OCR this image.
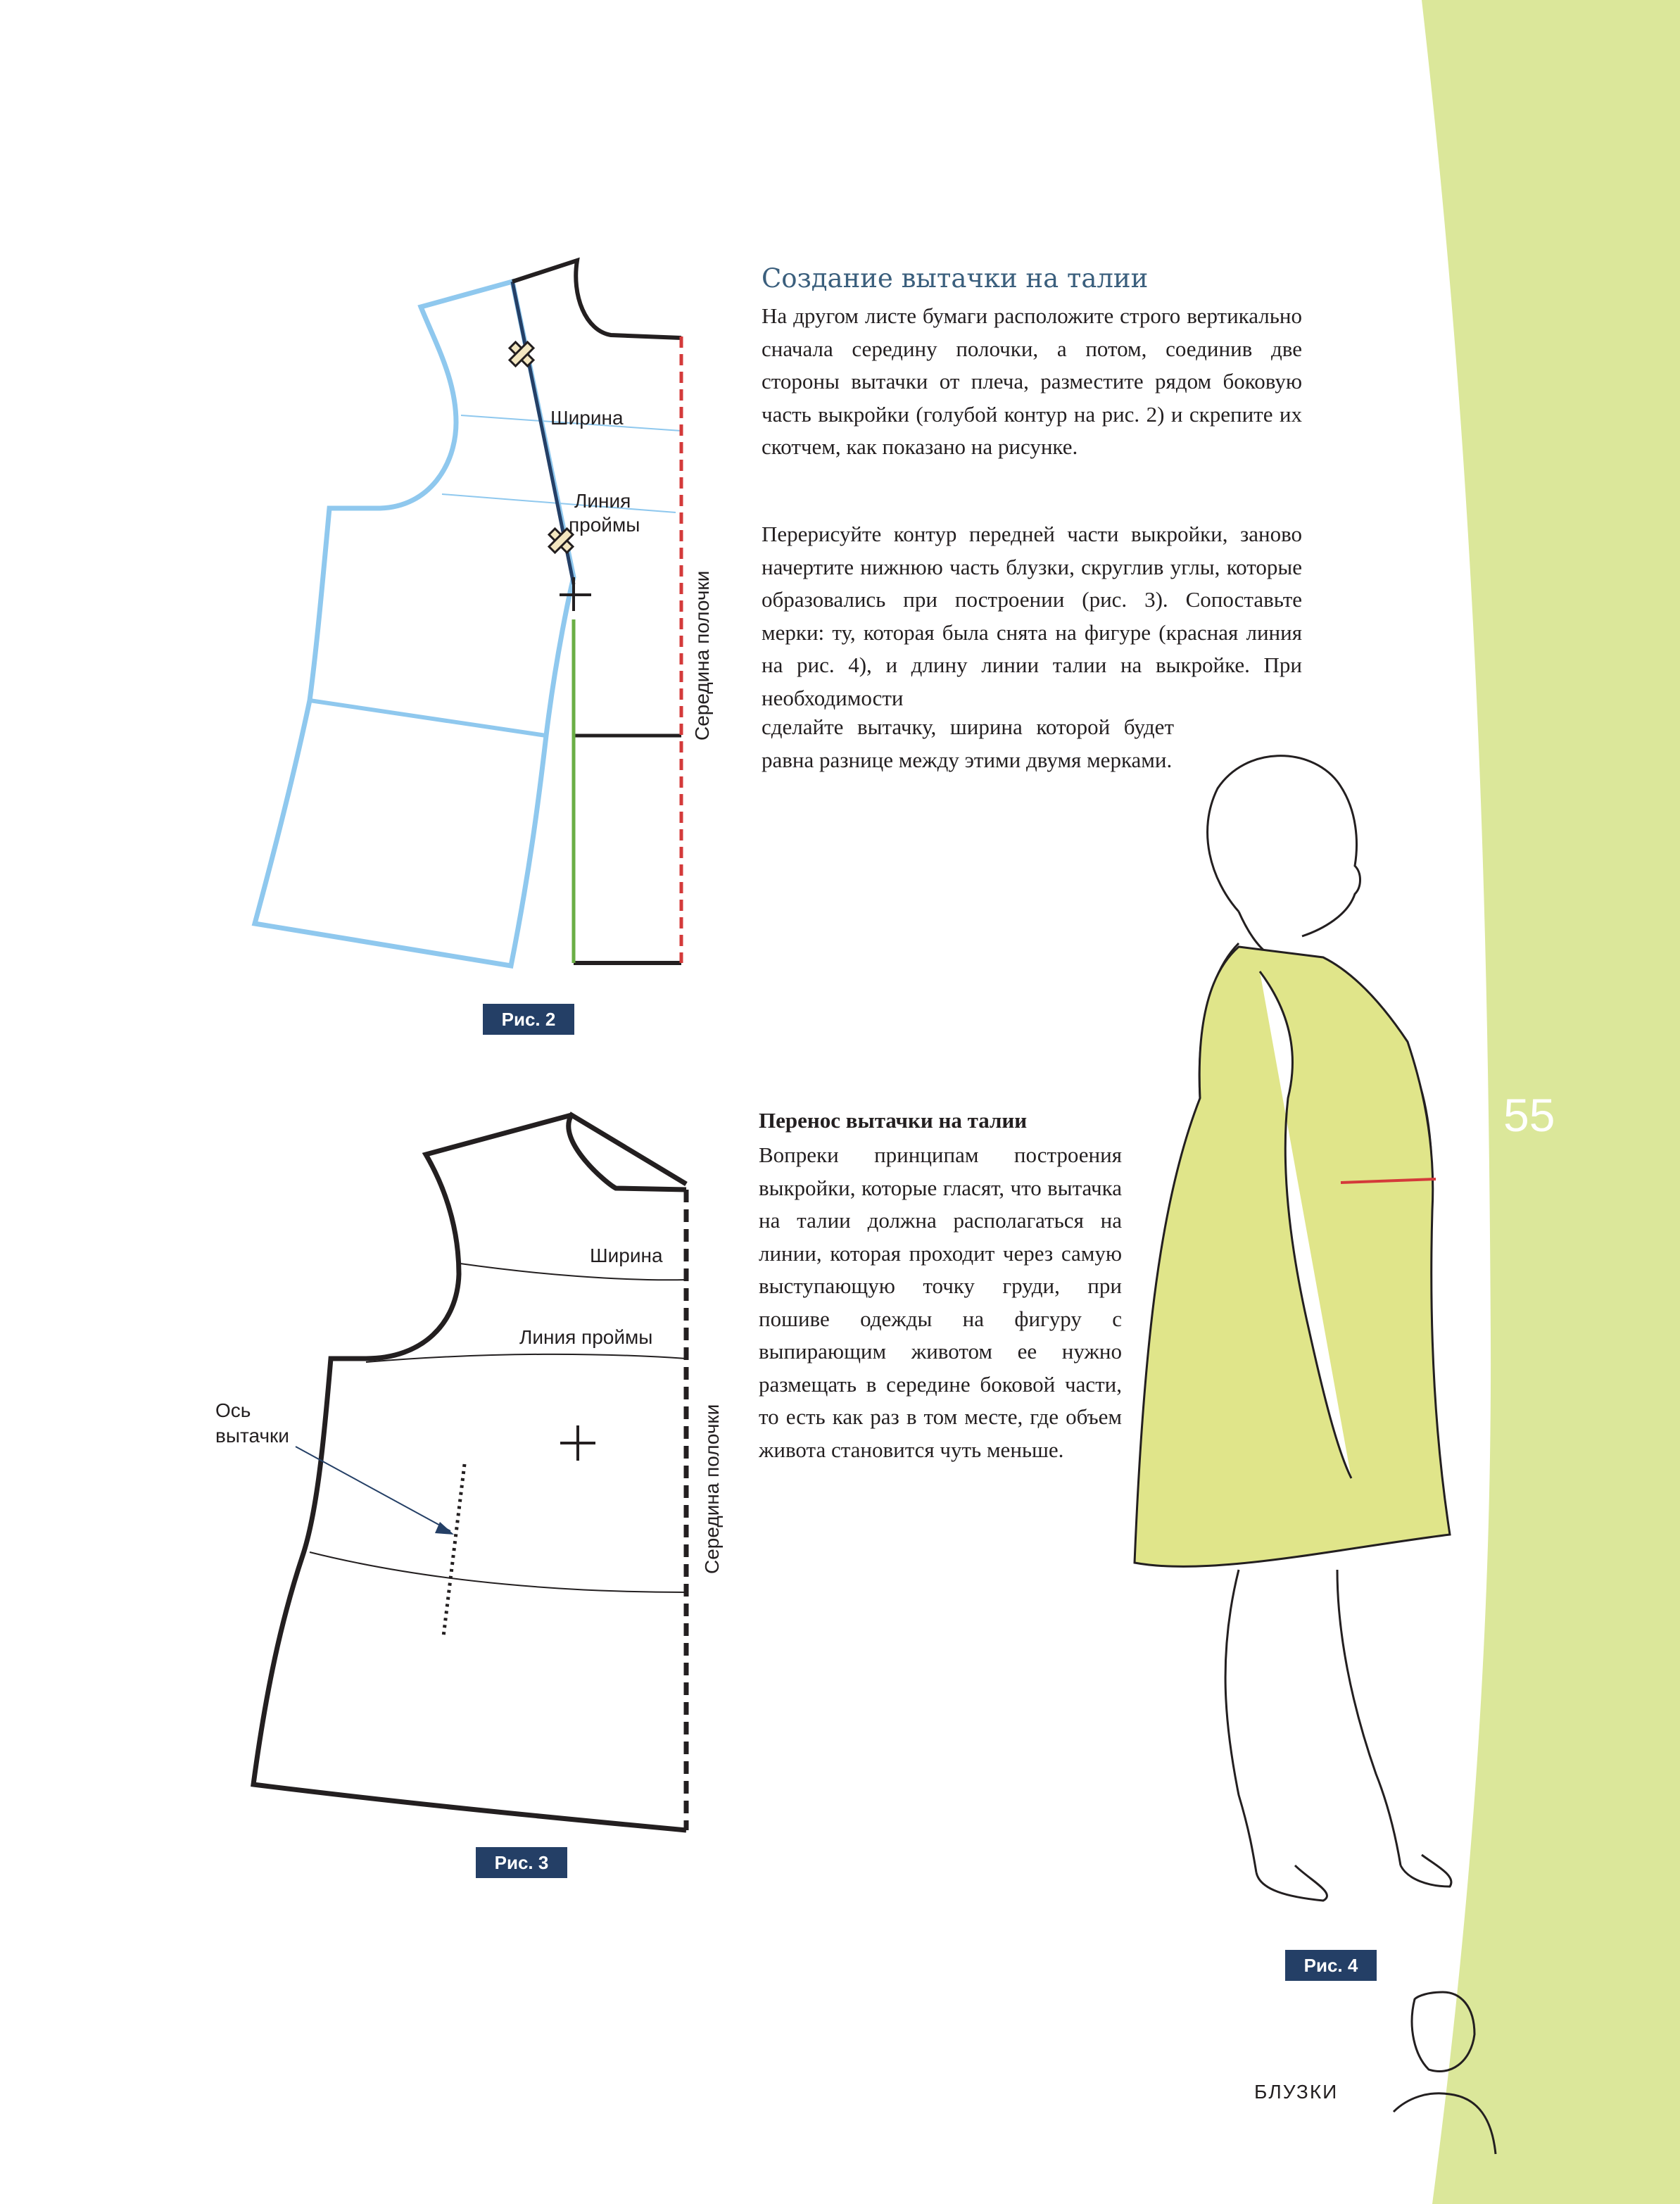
Создание вытачки на талии
На другом листе бумаги расположите строго вертикально сначала середину полочки, а потом, соединив две стороны вытачки от плеча, разместите рядом боковую часть выкройки (голубой контур на рис. 2) и скрепите их скотчем, как показано на рисунке.
Перерисуйте контур передней части выкройки, заново начертите нижнюю часть блузки, скруглив углы, которые образовались при построении (рис. 3). Сопоставьте мерки: ту, которая была снята на фигуре (красная линия на рис. 4), и длину линии талии на выкройке. При необходимости
сделайте вытачку, ширина которой будет равна разнице между этими двумя мерками.
Перенос вытачки на талии
Вопреки принципам построения выкройки, которые гласят, что вытачка на талии должна располагаться на линии, которая проходит через самую выступающую точку груди, при пошиве одежды на фигуру с выпирающим животом ее нужно размещать в середине боковой части, то есть как раз в том месте, где объем живота становится чуть меньше.
Ширина
Линия
проймы
Середина полочки
Рис. 2
Ширина
Линия проймы
Ось
вытачки	Середина полочки
Рис. 3
Рис. 4
55
БЛУЗКИ
